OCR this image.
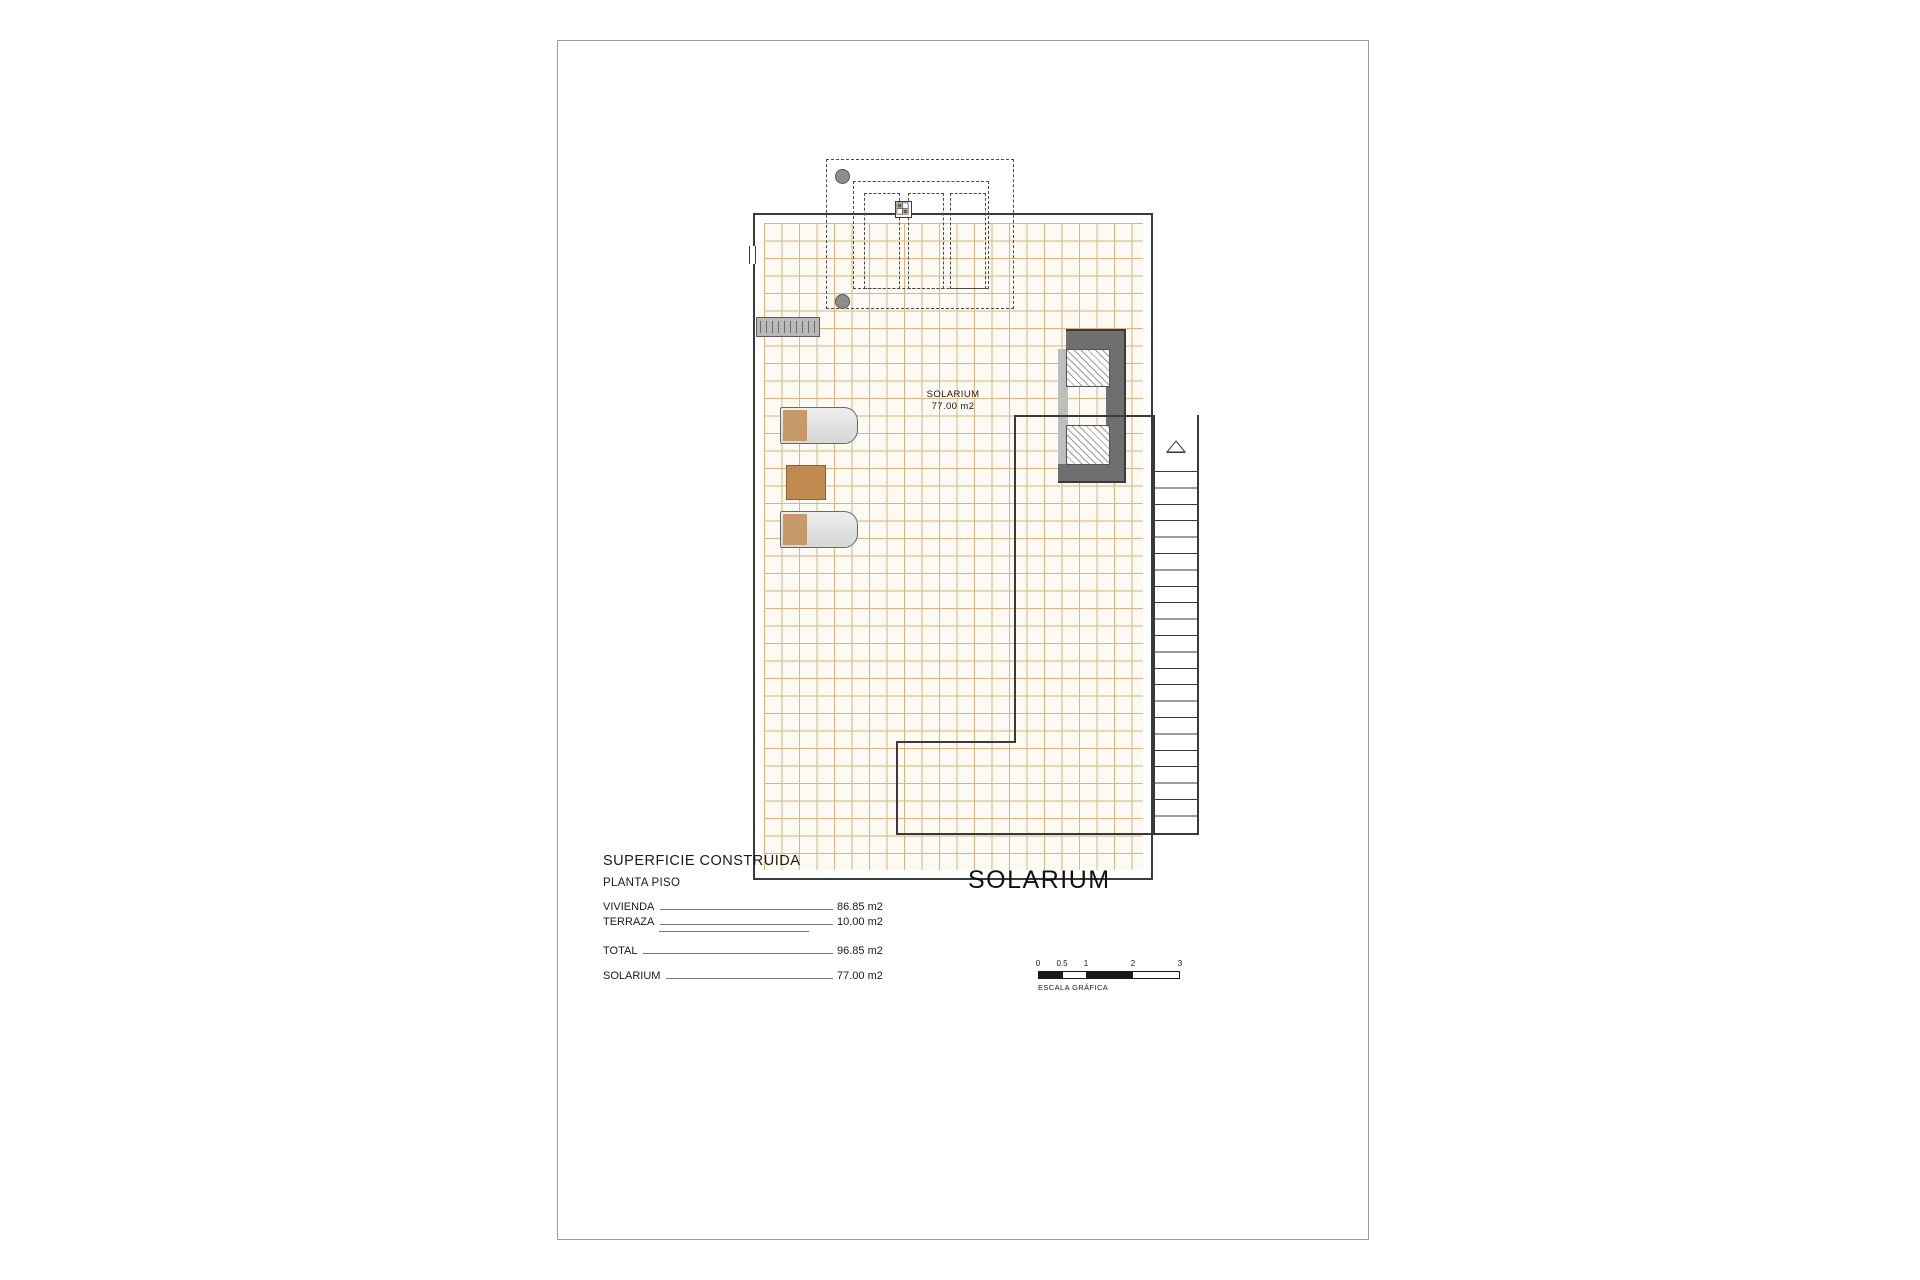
SOLARIUM
77.00 m2
SOLARIUM
SUPERFICIE CONSTRUIDA
PLANTA PISO
VIVIENDA	86.85 m2
TERRAZA	10.00 m2
TOTAL	96.85 m2
SOLARIUM	77.00 m2
0 0.5 1	2	3
ESCALA GRÁFICA
